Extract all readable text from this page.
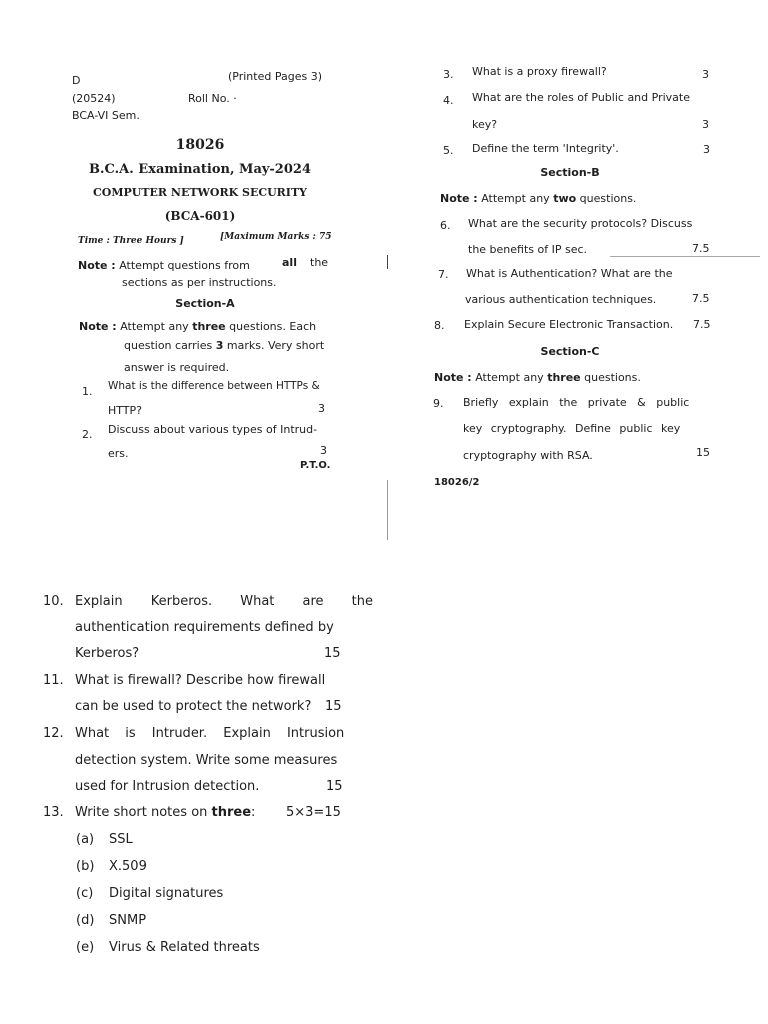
D	(Printed Pages 3)
(20524)	Roll No. ·
BCA-VI Sem.
18026
B.C.A. Examination, May-2024
COMPUTER NETWORK SECURITY
(BCA-601)
Time : Three Hours ]	[Maximum Marks : 75
Note : Attempt questions from	all the
sections as per instructions.
Section-A
Note : Attempt any three questions. Each
question carries 3 marks. Very short
answer is required.
1. What is the difference between HTTPs &
HTTP?	3
2. Discuss about various types of Intrud-
ers.	3
P.T.O.
3. What is a proxy firewall?	3
4. What are the roles of Public and Private
key?	3
5. Define the term 'Integrity'.	3
Section-B
Note : Attempt any two questions.
6. What are the security protocols? Discuss
the benefits of IP sec.	7.5
7. What is Authentication? What are the
various authentication techniques.	7.5
8. Explain Secure Electronic Transaction. 7.5
Section-C
Note : Attempt any three questions.
9. Briefly explain the private & public
key cryptography. Define public key
cryptography with RSA.	15
18026/2
10. Explain Kerberos. What are the
authentication requirements defined by
Kerberos?	15
11. What is firewall? Describe how firewall
can be used to protect the network? 15
12. What is Intruder. Explain Intrusion
detection system. Write some measures
used for Intrusion detection.	15
13. Write short notes on three: 5×3=15
(a) SSL
(b) X.509
(c) Digital signatures
(d) SNMP
(e) Virus & Related threats
